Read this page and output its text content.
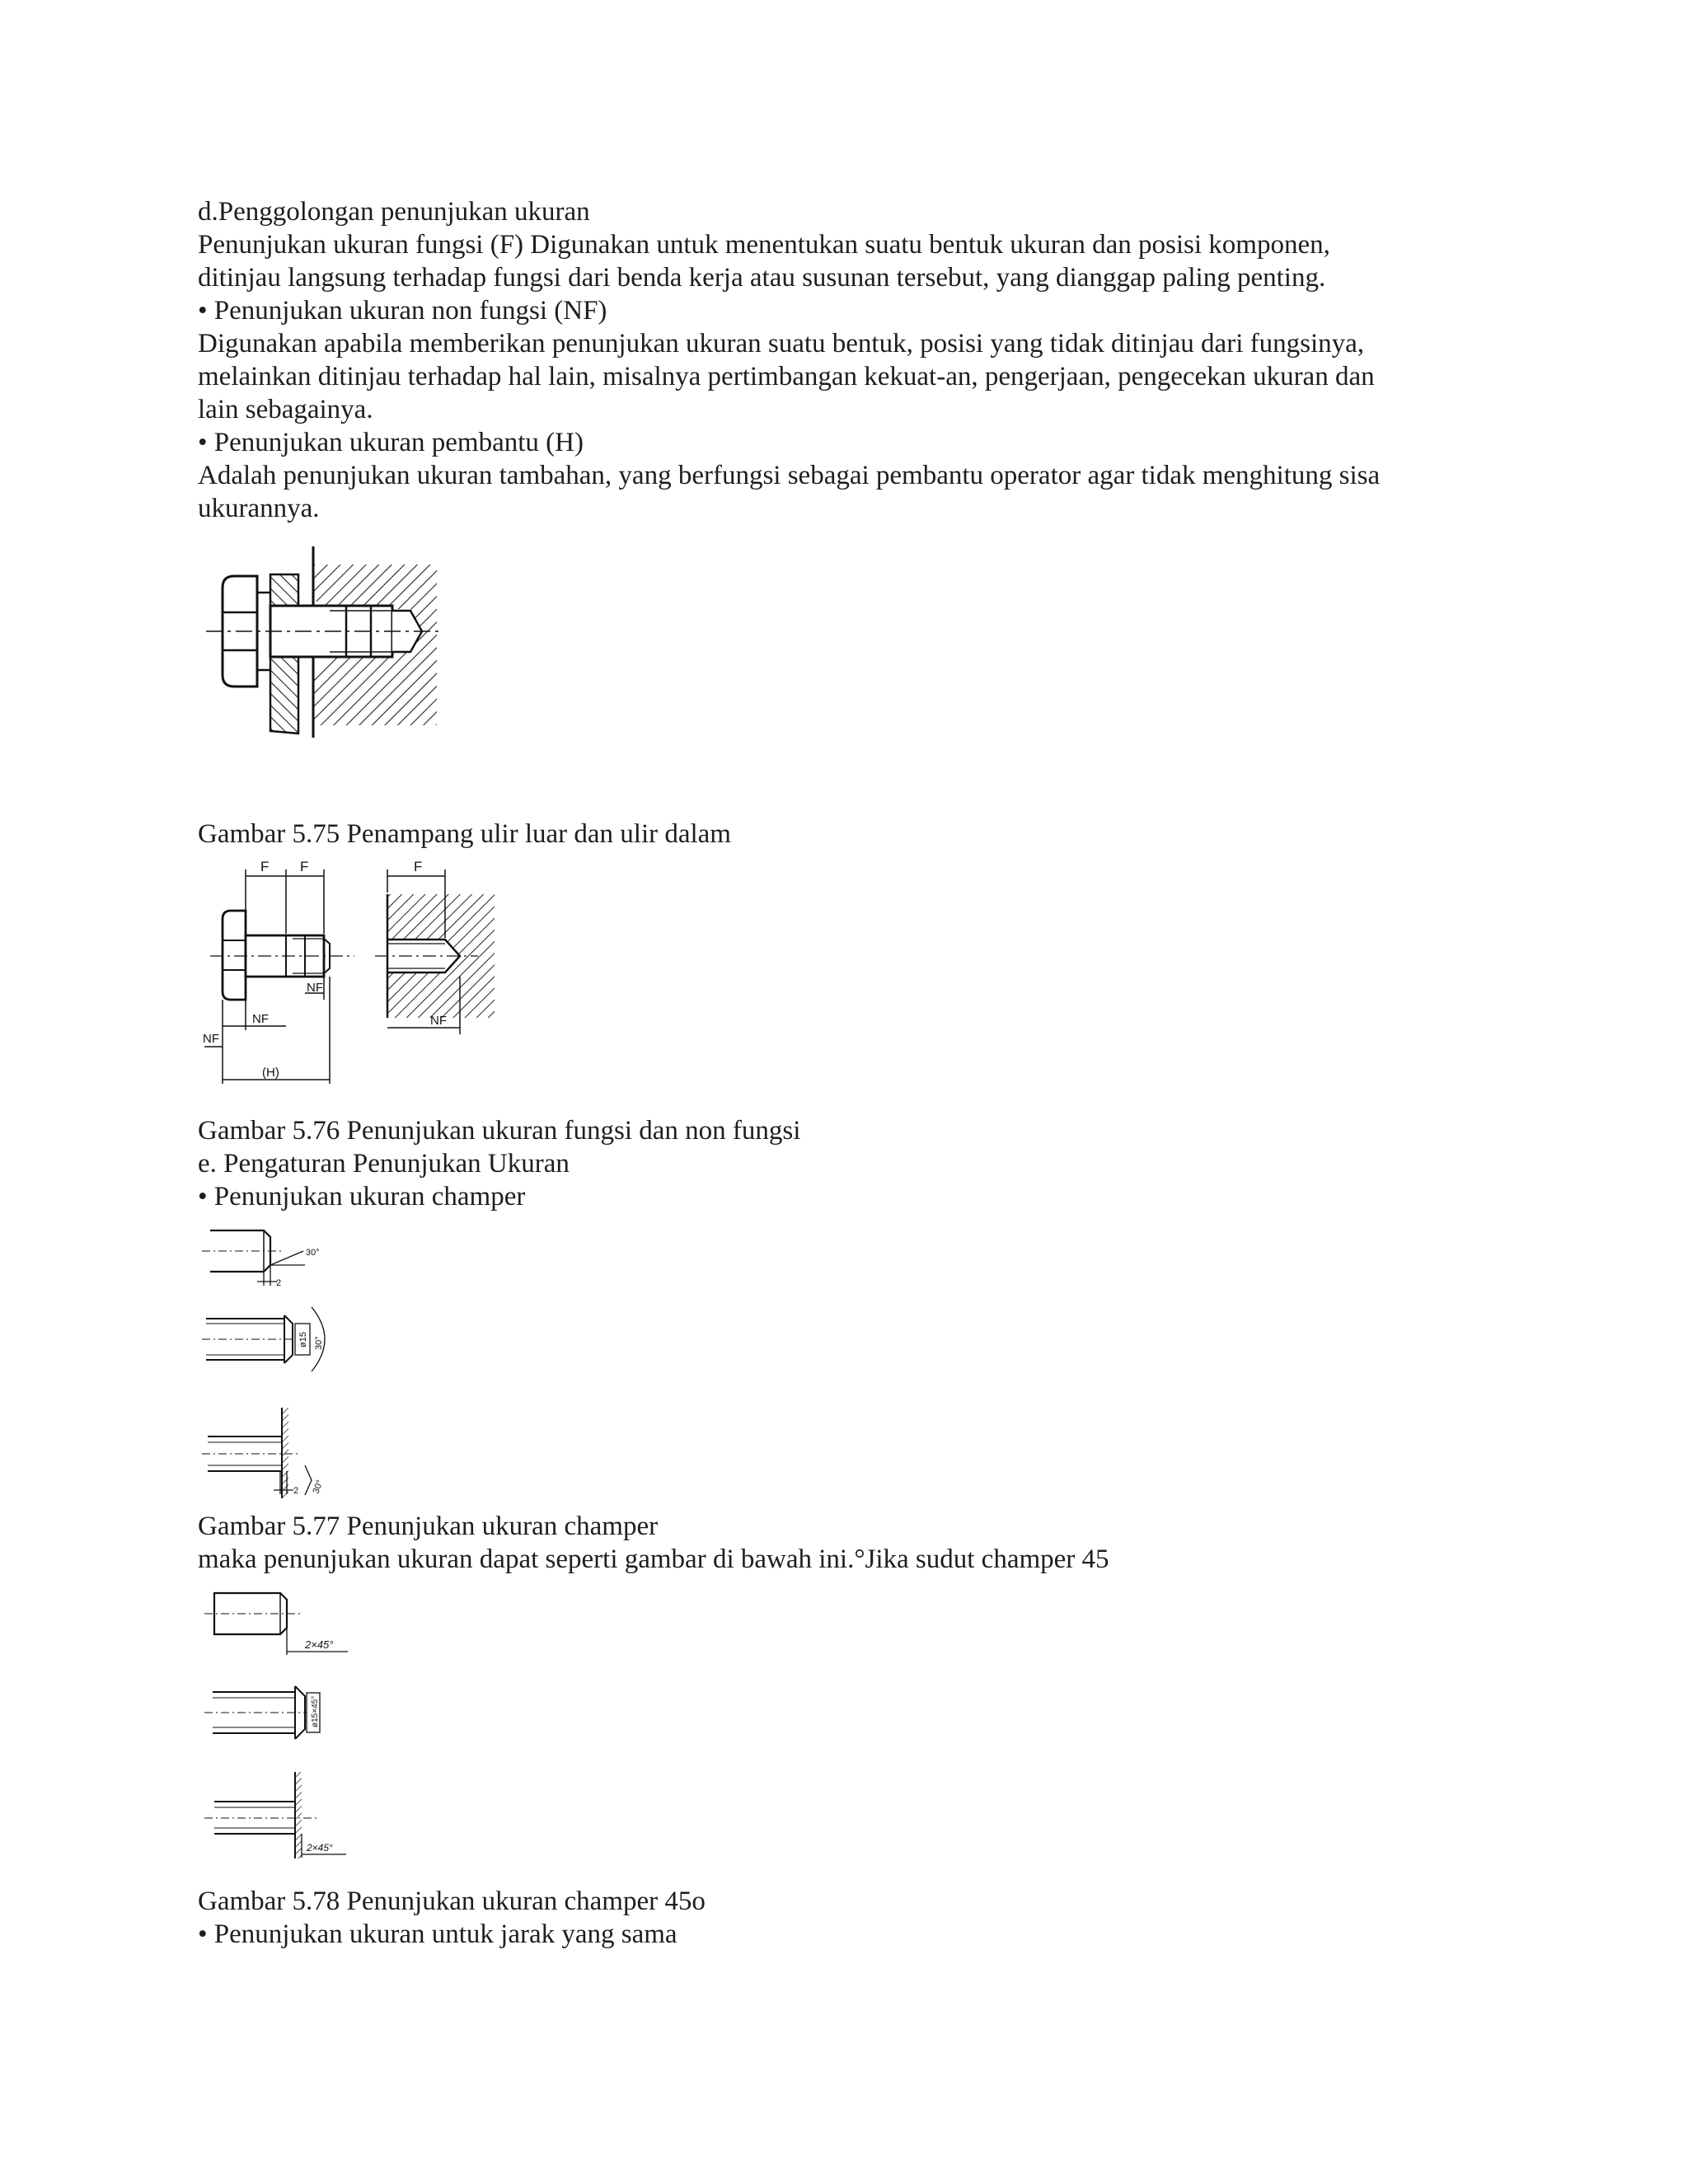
d.Penggolongan penunjukan ukuran
Penunjukan ukuran fungsi (F) Digunakan untuk menentukan suatu bentuk ukuran dan posisi komponen,
ditinjau langsung terhadap fungsi dari benda kerja atau susunan tersebut, yang dianggap paling penting.
• Penunjukan ukuran non fungsi (NF)
Digunakan apabila memberikan penunjukan ukuran suatu bentuk, posisi yang tidak ditinjau dari fungsinya,
melainkan ditinjau terhadap hal lain, misalnya pertimbangan kekuat-an, pengerjaan, pengecekan ukuran dan
lain sebagainya.
• Penunjukan ukuran pembantu (H)
Adalah penunjukan ukuran tambahan, yang berfungsi sebagai pembantu operator agar tidak menghitung sisa
ukurannya.
Gambar 5.75 Penampang ulir luar dan ulir dalam
F F
NF
NF
NF
(H)
F
NF
Gambar 5.76 Penunjukan ukuran fungsi dan non fungsi
e. Pengaturan Penunjukan Ukuran
• Penunjukan ukuran champer
2
30°
ø15 30°
2 30°
Gambar 5.77 Penunjukan ukuran champer
maka penunjukan ukuran dapat seperti gambar di bawah ini.°Jika sudut champer 45
2×45°
ø15×45°
2×45°
Gambar 5.78 Penunjukan ukuran champer 45o
• Penunjukan ukuran untuk jarak yang sama
